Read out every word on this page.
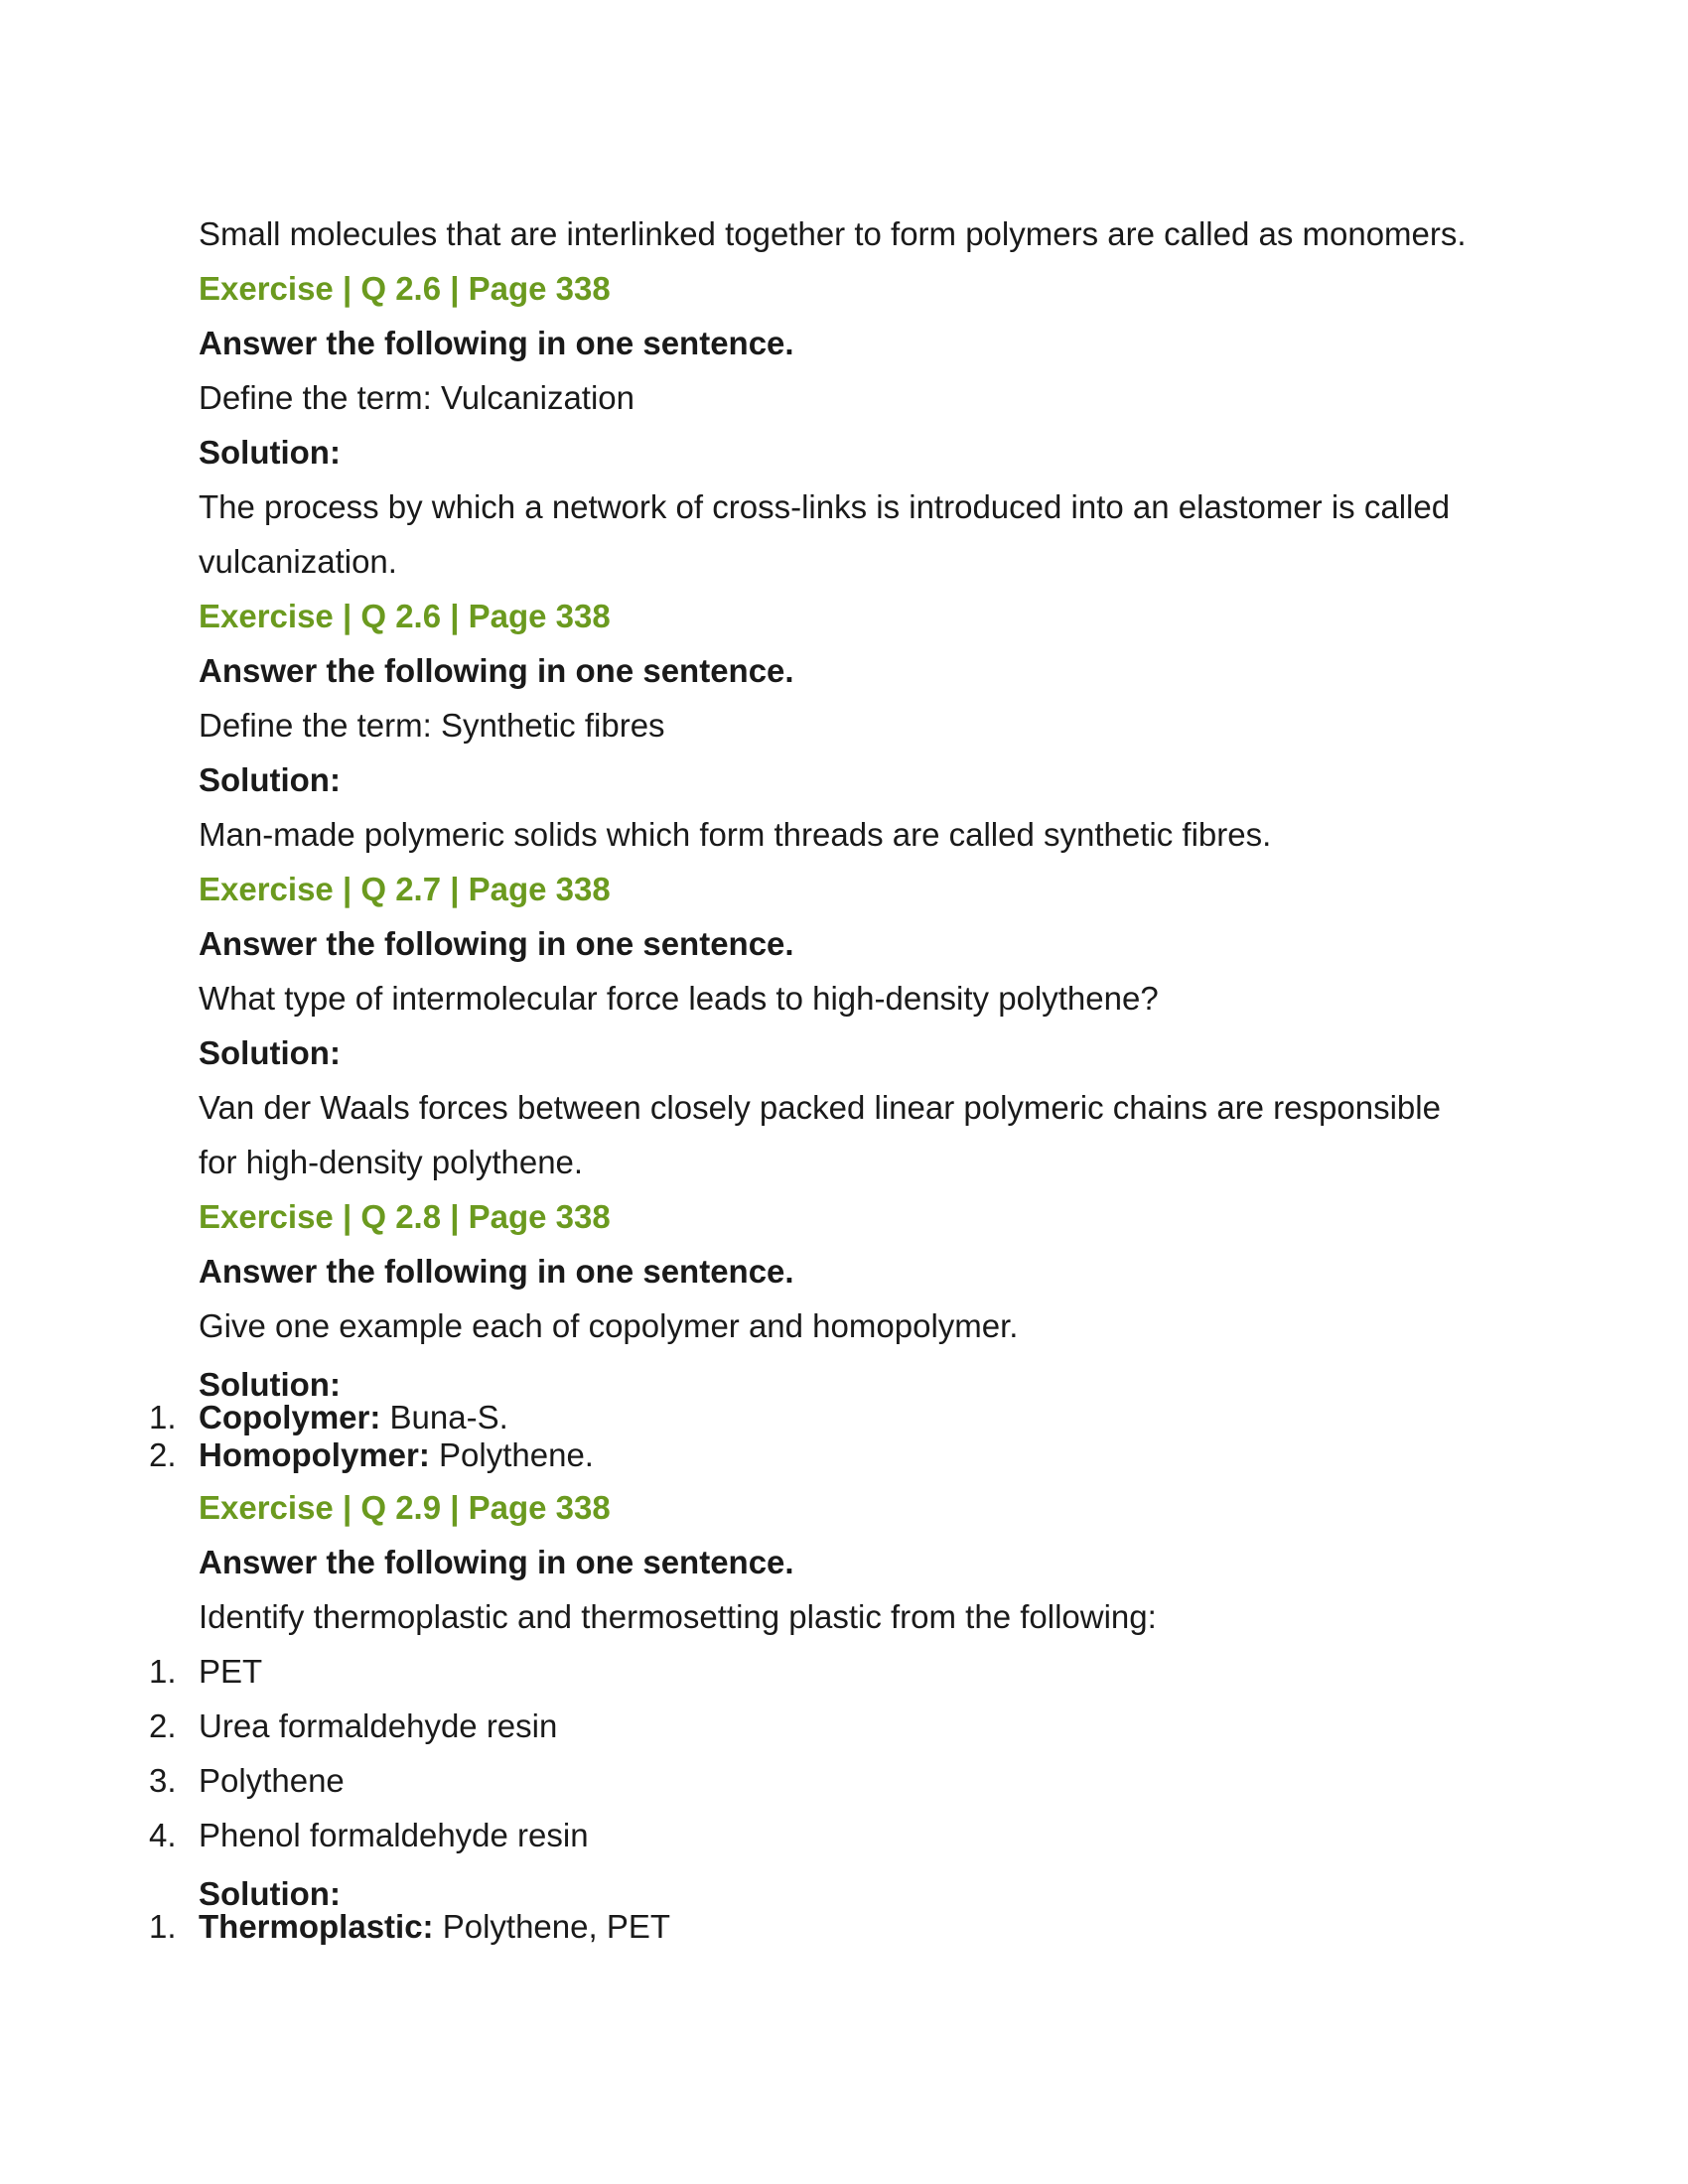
Small molecules that are interlinked together to form polymers are called as monomers.
Exercise | Q 2.6 | Page 338
Answer the following in one sentence.
Define the term: Vulcanization
Solution:
The process by which a network of cross-links is introduced into an elastomer is called
vulcanization.
Exercise | Q 2.6 | Page 338
Answer the following in one sentence.
Define the term: Synthetic fibres
Solution:
Man-made polymeric solids which form threads are called synthetic fibres.
Exercise | Q 2.7 | Page 338
Answer the following in one sentence.
What type of intermolecular force leads to high-density polythene?
Solution:
Van der Waals forces between closely packed linear polymeric chains are responsible
for high-density polythene.
Exercise | Q 2.8 | Page 338
Answer the following in one sentence.
Give one example each of copolymer and homopolymer.
Solution:
1. Copolymer: Buna-S.
2. Homopolymer: Polythene.
Exercise | Q 2.9 | Page 338
Answer the following in one sentence.
Identify thermoplastic and thermosetting plastic from the following:
1. PET
2. Urea formaldehyde resin
3. Polythene
4. Phenol formaldehyde resin
Solution:
1. Thermoplastic: Polythene, PET
